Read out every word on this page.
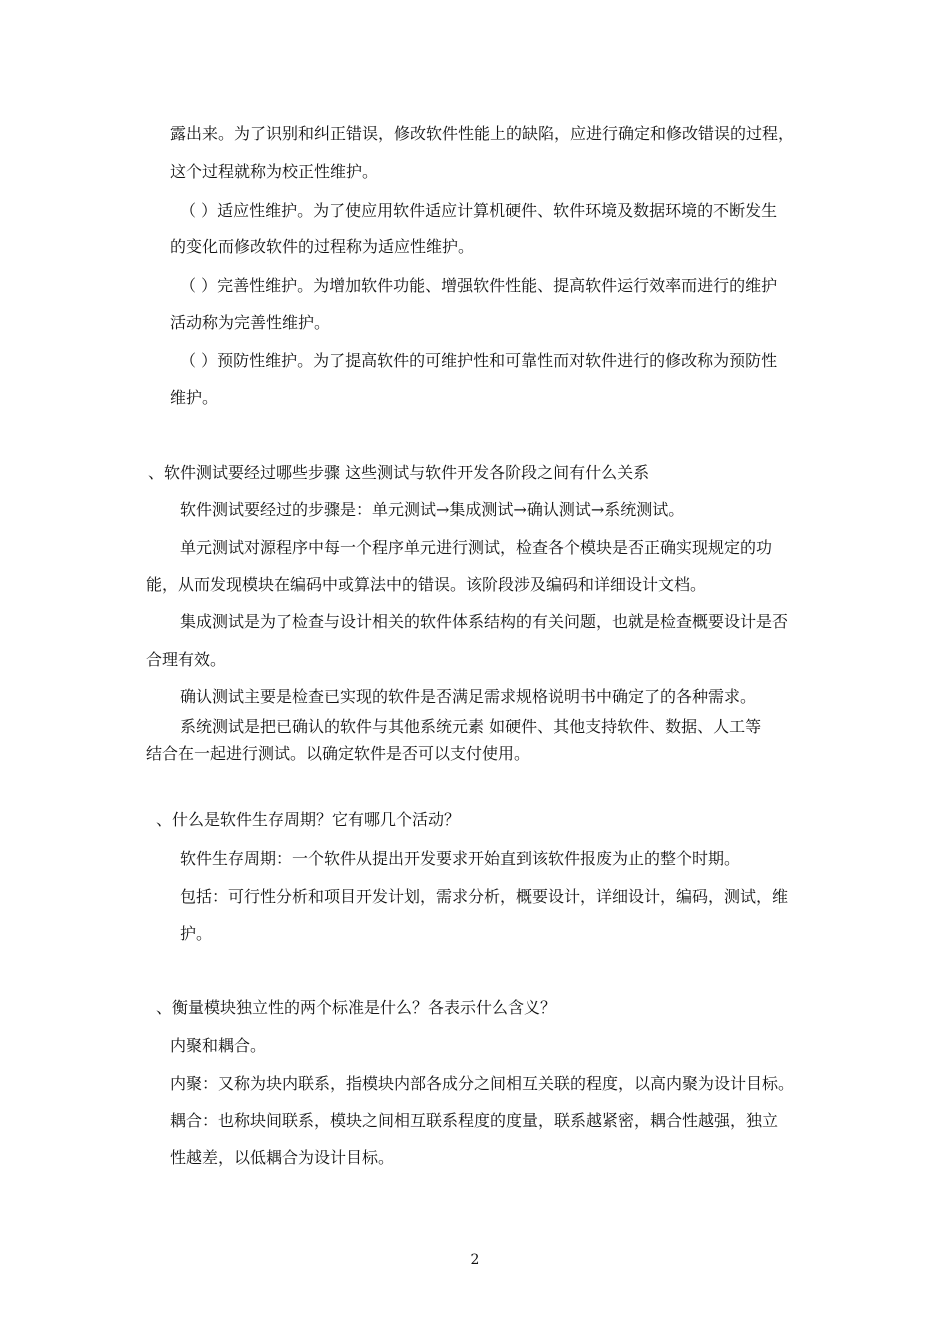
露出来。为了识别和纠正错误，修改软件性能上的缺陷，应进行确定和修改错误的过程，
这个过程就称为校正性维护。
（ ）适应性维护。为了使应用软件适应计算机硬件、软件环境及数据环境的不断发生
的变化而修改软件的过程称为适应性维护。
（ ）完善性维护。为增加软件功能、增强软件性能、提高软件运行效率而进行的维护
活动称为完善性维护。
（ ）预防性维护。为了提高软件的可维护性和可靠性而对软件进行的修改称为预防性
维护。
、软件测试要经过哪些步骤 这些测试与软件开发各阶段之间有什么关系
软件测试要经过的步骤是：单元测试→集成测试→确认测试→系统测试。
单元测试对源程序中每一个程序单元进行测试，检查各个模块是否正确实现规定的功
能，从而发现模块在编码中或算法中的错误。该阶段涉及编码和详细设计文档。
集成测试是为了检查与设计相关的软件体系结构的有关问题，也就是检查概要设计是否
合理有效。
确认测试主要是检查已实现的软件是否满足需求规格说明书中确定了的各种需求。
系统测试是把已确认的软件与其他系统元素 如硬件、其他支持软件、数据、人工等
结合在一起进行测试。以确定软件是否可以支付使用。
、什么是软件生存周期？它有哪几个活动？
软件生存周期：一个软件从提出开发要求开始直到该软件报废为止的整个时期。
包括：可行性分析和项目开发计划，需求分析，概要设计，详细设计，编码，测试，维
护。
、衡量模块独立性的两个标准是什么？各表示什么含义？
内聚和耦合。
内聚：又称为块内联系，指模块内部各成分之间相互关联的程度，以高内聚为设计目标。
耦合：也称块间联系，模块之间相互联系程度的度量，联系越紧密，耦合性越强，独立
性越差，以低耦合为设计目标。
2
